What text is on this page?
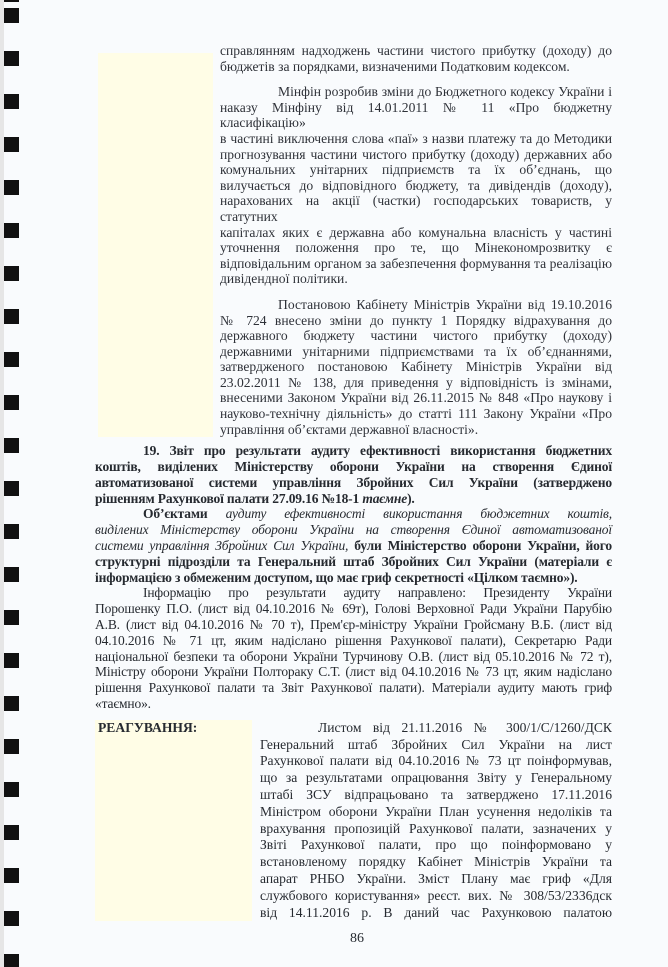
справлянням надходжень частини чистого прибутку (доходу) до
бюджетів за порядками, визначеними Податковим кодексом.
Мінфін розробив зміни до Бюджетного кодексу України і
наказу Мінфіну від 14.01.2011 № 11 «Про бюджетну класифікацію»
в частині виключення слова «паї» з назви платежу та до Методики
прогнозування частини чистого прибутку (доходу) державних або
комунальних унітарних підприємств та їх об’єднань, що
вилучається до відповідного бюджету, та дивідендів (доходу),
нарахованих на акції (частки) господарських товариств, у статутних
капіталах яких є державна або комунальна власність у частині
уточнення положення про те, що Мінекономрозвитку є
відповідальним органом за забезпечення формування та реалізацію
дивідендної політики.
Постановою Кабінету Міністрів України від 19.10.2016
№ 724 внесено зміни до пункту 1 Порядку відрахування до
державного бюджету частини чистого прибутку (доходу)
державними унітарними підприємствами та їх об’єднаннями,
затвердженого постановою Кабінету Міністрів України від
23.02.2011 № 138, для приведення у відповідність із змінами,
внесеними Законом України від 26.11.2015 № 848 «Про наукову і
науково-технічну діяльність» до статті 111 Закону України «Про
управління об’єктами державної власності».
19. Звіт про результати аудиту ефективності використання бюджетних
коштів, виділених Міністерству оборони України на створення Єдиної
автоматизованої системи управління Збройних Сил України (затверджено
рішенням Рахункової палати 27.09.16 №18-1 таємне).
Об’єктами аудиту ефективності використання бюджетних коштів,
виділених Міністерству оборони України на створення Єдиної автоматизованої
системи управління Збройних Сил України, були Міністерство оборони України, його
структурні підрозділи та Генеральний штаб Збройних Сил України (матеріали є
інформацією з обмеженим доступом, що має гриф секретності «Цілком таємно»).
Інформацію про результати аудиту направлено: Президенту України
Порошенку П.О. (лист від 04.10.2016 № 69т), Голові Верховної Ради України Парубію
А.В. (лист від 04.10.2016 № 70 т), Прем'єр-міністру України Гройсману В.Б. (лист від
04.10.2016 № 71 цт, яким надіслано рішення Рахункової палати), Секретарю Ради
національної безпеки та оборони України Турчинову О.В. (лист від 05.10.2016 № 72 т),
Міністру оборони України Полтораку С.Т. (лист від 04.10.2016 № 73 цт, яким надіслано
рішення Рахункової палати та Звіт Рахункової палати). Матеріали аудиту мають гриф
«таємно».
РЕАГУВАННЯ:	Листом від 21.11.2016 № 300/1/С/1260/ДСК
Генеральний штаб Збройних Сил України на лист
Рахункової палати від 04.10.2016 № 73 цт поінформував,
що за результатами опрацювання Звіту у Генеральному
штабі ЗСУ відпрацьовано та затверджено 17.11.2016
Міністром оборони України План усунення недоліків та
врахування пропозицій Рахункової палати, зазначених у
Звіті Рахункової палати, про що поінформовано у
встановленому порядку Кабінет Міністрів України та
апарат РНБО України. Зміст Плану має гриф «Для
службового користування» реєст. вих. № 308/53/2336дск
від 14.11.2016 р. В даний час Рахунковою палатою
86
